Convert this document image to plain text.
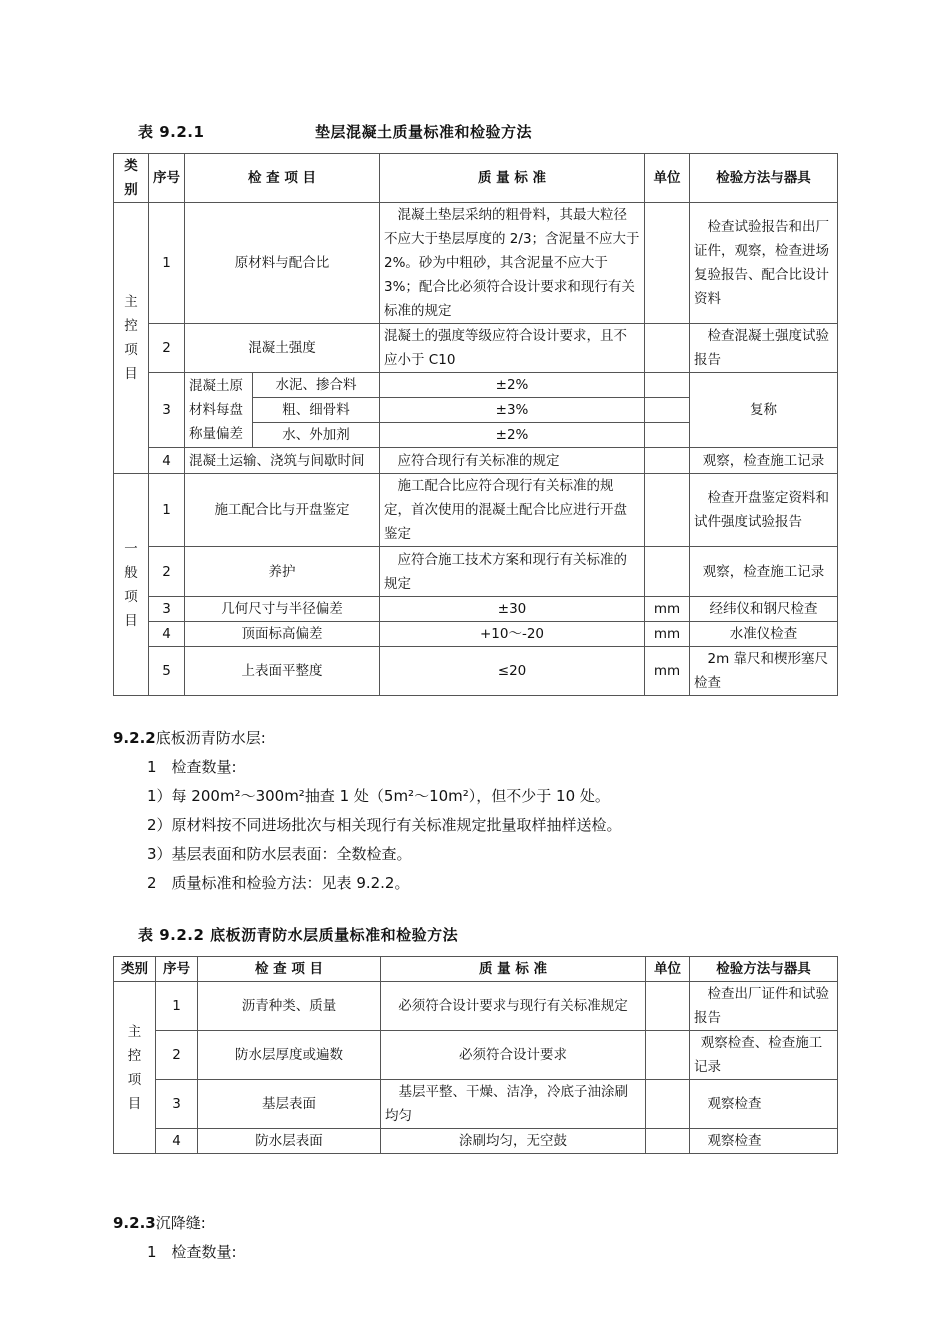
表 9.2.1	垫层混凝土质量标准和检验方法
类别	序号	检 查 项 目		质 量 标 准	单位	检验方法与器具

主
控
项
目	1	原材料与配合比		混凝土垫层采纳的粗骨料，其最大粒径不应大于垫层厚度的 2/3；含泥量不应大于 2%。砂为中粗砂，其含泥量不应大于 3%；配合比必须符合设计要求和现行有关标准的规定		检查试验报告和出厂证件，观察，检查进场复验报告、配合比设计资料
	2	混凝土强度		混凝土的强度等级应符合设计要求，且不应小于 C10		检查混凝土强度试验报告
	3	混凝土原材料每盘称量偏差	水泥、掺合料	±2%		复称
			粗、细骨料	±3%		
			水、外加剂	±2%		
	4	混凝土运输、浇筑与间歇时间		应符合现行有关标准的规定		观察，检查施工记录

一
般
项
目	1	施工配合比与开盘鉴定		施工配合比应符合现行有关标准的规定，首次使用的混凝土配合比应进行开盘鉴定		检查开盘鉴定资料和试件强度试验报告
	2	养护		应符合施工技术方案和现行有关标准的规定		观察，检查施工记录
	3	几何尺寸与半径偏差		±30	mm	经纬仪和钢尺检查
	4	顶面标高偏差		+10～-20	mm	水准仪检查
	5	上表面平整度		≤20	mm	2m 靠尺和楔形塞尺检查
9.2.2底板沥青防水层:
1　检查数量:
1）每 200m²～300m²抽查 1 处（5m²～10m²），但不少于 10 处。
2）原材料按不同进场批次与相关现行有关标准规定批量取样抽样送检。
3）基层表面和防水层表面：全数检查。
2　质量标准和检验方法：见表 9.2.2。
表 9.2.2 底板沥青防水层质量标准和检验方法
类别	序号	检 查 项 目	质 量 标 准	单位	检验方法与器具

主
控
项
目	1	沥青种类、质量	必须符合设计要求与现行有关标准规定		检查出厂证件和试验报告
	2	防水层厚度或遍数	必须符合设计要求		观察检查、检查施工记录
	3	基层表面	基层平整、干燥、洁净，冷底子油涂刷均匀		观察检查
	4	防水层表面	涂刷均匀，无空鼓		观察检查
9.2.3沉降缝:
1　检查数量:
